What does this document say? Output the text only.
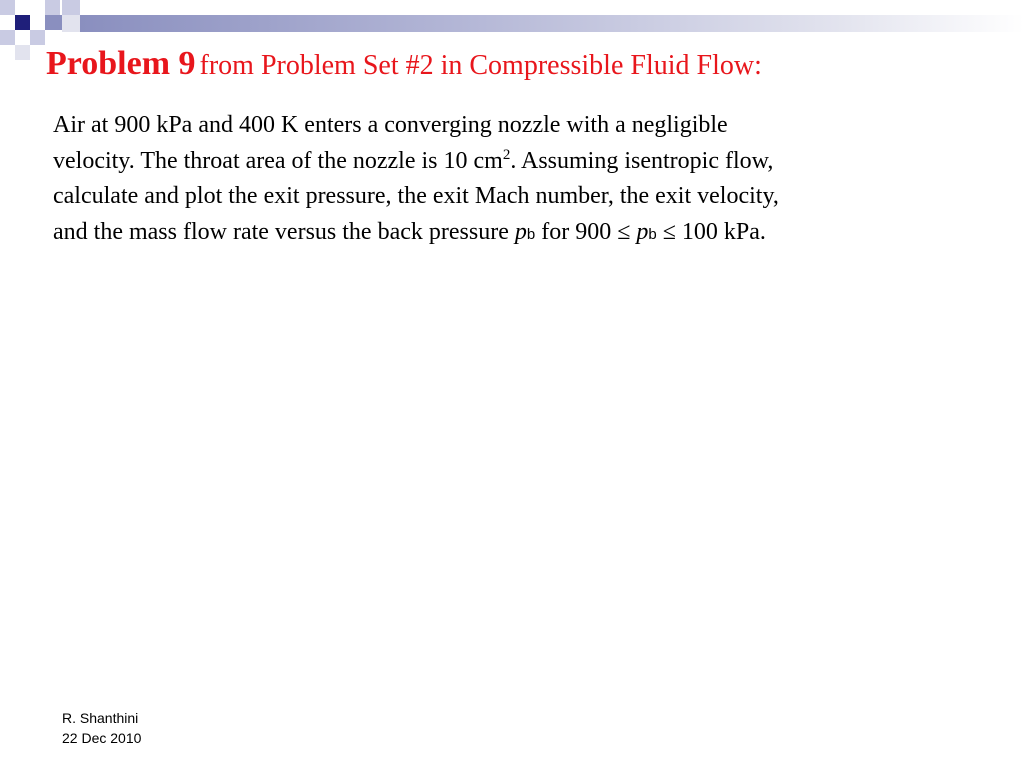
Problem 9 from Problem Set #2 in Compressible Fluid Flow:
Air at 900 kPa and 400 K enters a converging nozzle with a negligible
velocity. The throat area of the nozzle is 10 $cm^2$. Assuming isentropic flow,
calculate and plot the exit pressure, the exit Mach number, the exit velocity,
and the mass flow rate versus the back pressure pb for 900 ≤ pb ≤ 100 kPa.
R. Shanthini
22 Dec 2010
